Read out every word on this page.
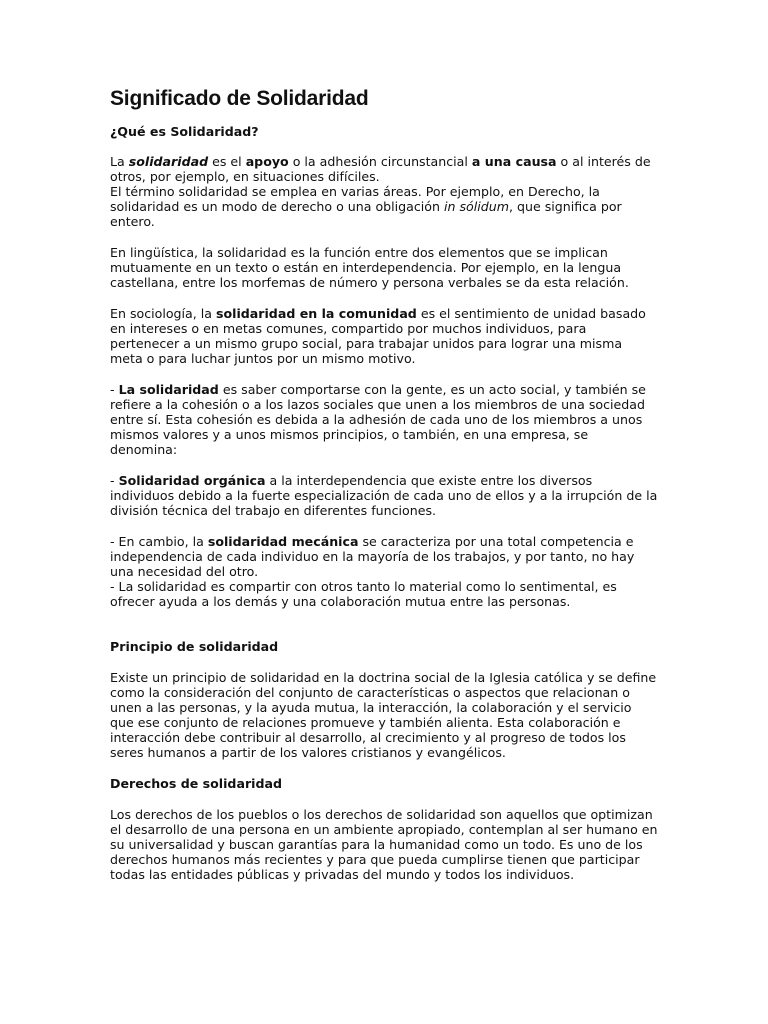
Significado de Solidaridad

¿Qué es Solidaridad?

La solidaridad es el apoyo o la adhesión circunstancial a una causa o al interés de otros, por ejemplo, en situaciones difíciles.

El término solidaridad se emplea en varias áreas. Por ejemplo, en Derecho, la solidaridad es un modo de derecho o una obligación in sólidum, que significa por entero.

En lingüística, la solidaridad es la función entre dos elementos que se implican mutuamente en un texto o están en interdependencia. Por ejemplo, en la lengua castellana, entre los morfemas de número y persona verbales se da esta relación.

En sociología, la solidaridad en la comunidad es el sentimiento de unidad basado en intereses o en metas comunes, compartido por muchos individuos, para pertenecer a un mismo grupo social, para trabajar unidos para lograr una misma meta o para luchar juntos por un mismo motivo.

- La solidaridad es saber comportarse con la gente, es un acto social, y también se refiere a la cohesión o a los lazos sociales que unen a los miembros de una sociedad entre sí. Esta cohesión es debida a la adhesión de cada uno de los miembros a unos mismos valores y a unos mismos principios, o también, en una empresa, se denomina:

- Solidaridad orgánica a la interdependencia que existe entre los diversos individuos debido a la fuerte especialización de cada uno de ellos y a la irrupción de la división técnica del trabajo en diferentes funciones.

- En cambio, la solidaridad mecánica se caracteriza por una total competencia e independencia de cada individuo en la mayoría de los trabajos, y por tanto, no hay una necesidad del otro.

- La solidaridad es compartir con otros tanto lo material como lo sentimental, es ofrecer ayuda a los demás y una colaboración mutua entre las personas.

Principio de solidaridad

Existe un principio de solidaridad en la doctrina social de la Iglesia católica y se define como la consideración del conjunto de características o aspectos que relacionan o unen a las personas, y la ayuda mutua, la interacción, la colaboración y el servicio que ese conjunto de relaciones promueve y también alienta. Esta colaboración e interacción debe contribuir al desarrollo, al crecimiento y al progreso de todos los seres humanos a partir de los valores cristianos y evangélicos.

Derechos de solidaridad

Los derechos de los pueblos o los derechos de solidaridad son aquellos que optimizan el desarrollo de una persona en un ambiente apropiado, contemplan al ser humano en su universalidad y buscan garantías para la humanidad como un todo. Es uno de los derechos humanos más recientes y para que pueda cumplirse tienen que participar todas las entidades públicas y privadas del mundo y todos los individuos.
